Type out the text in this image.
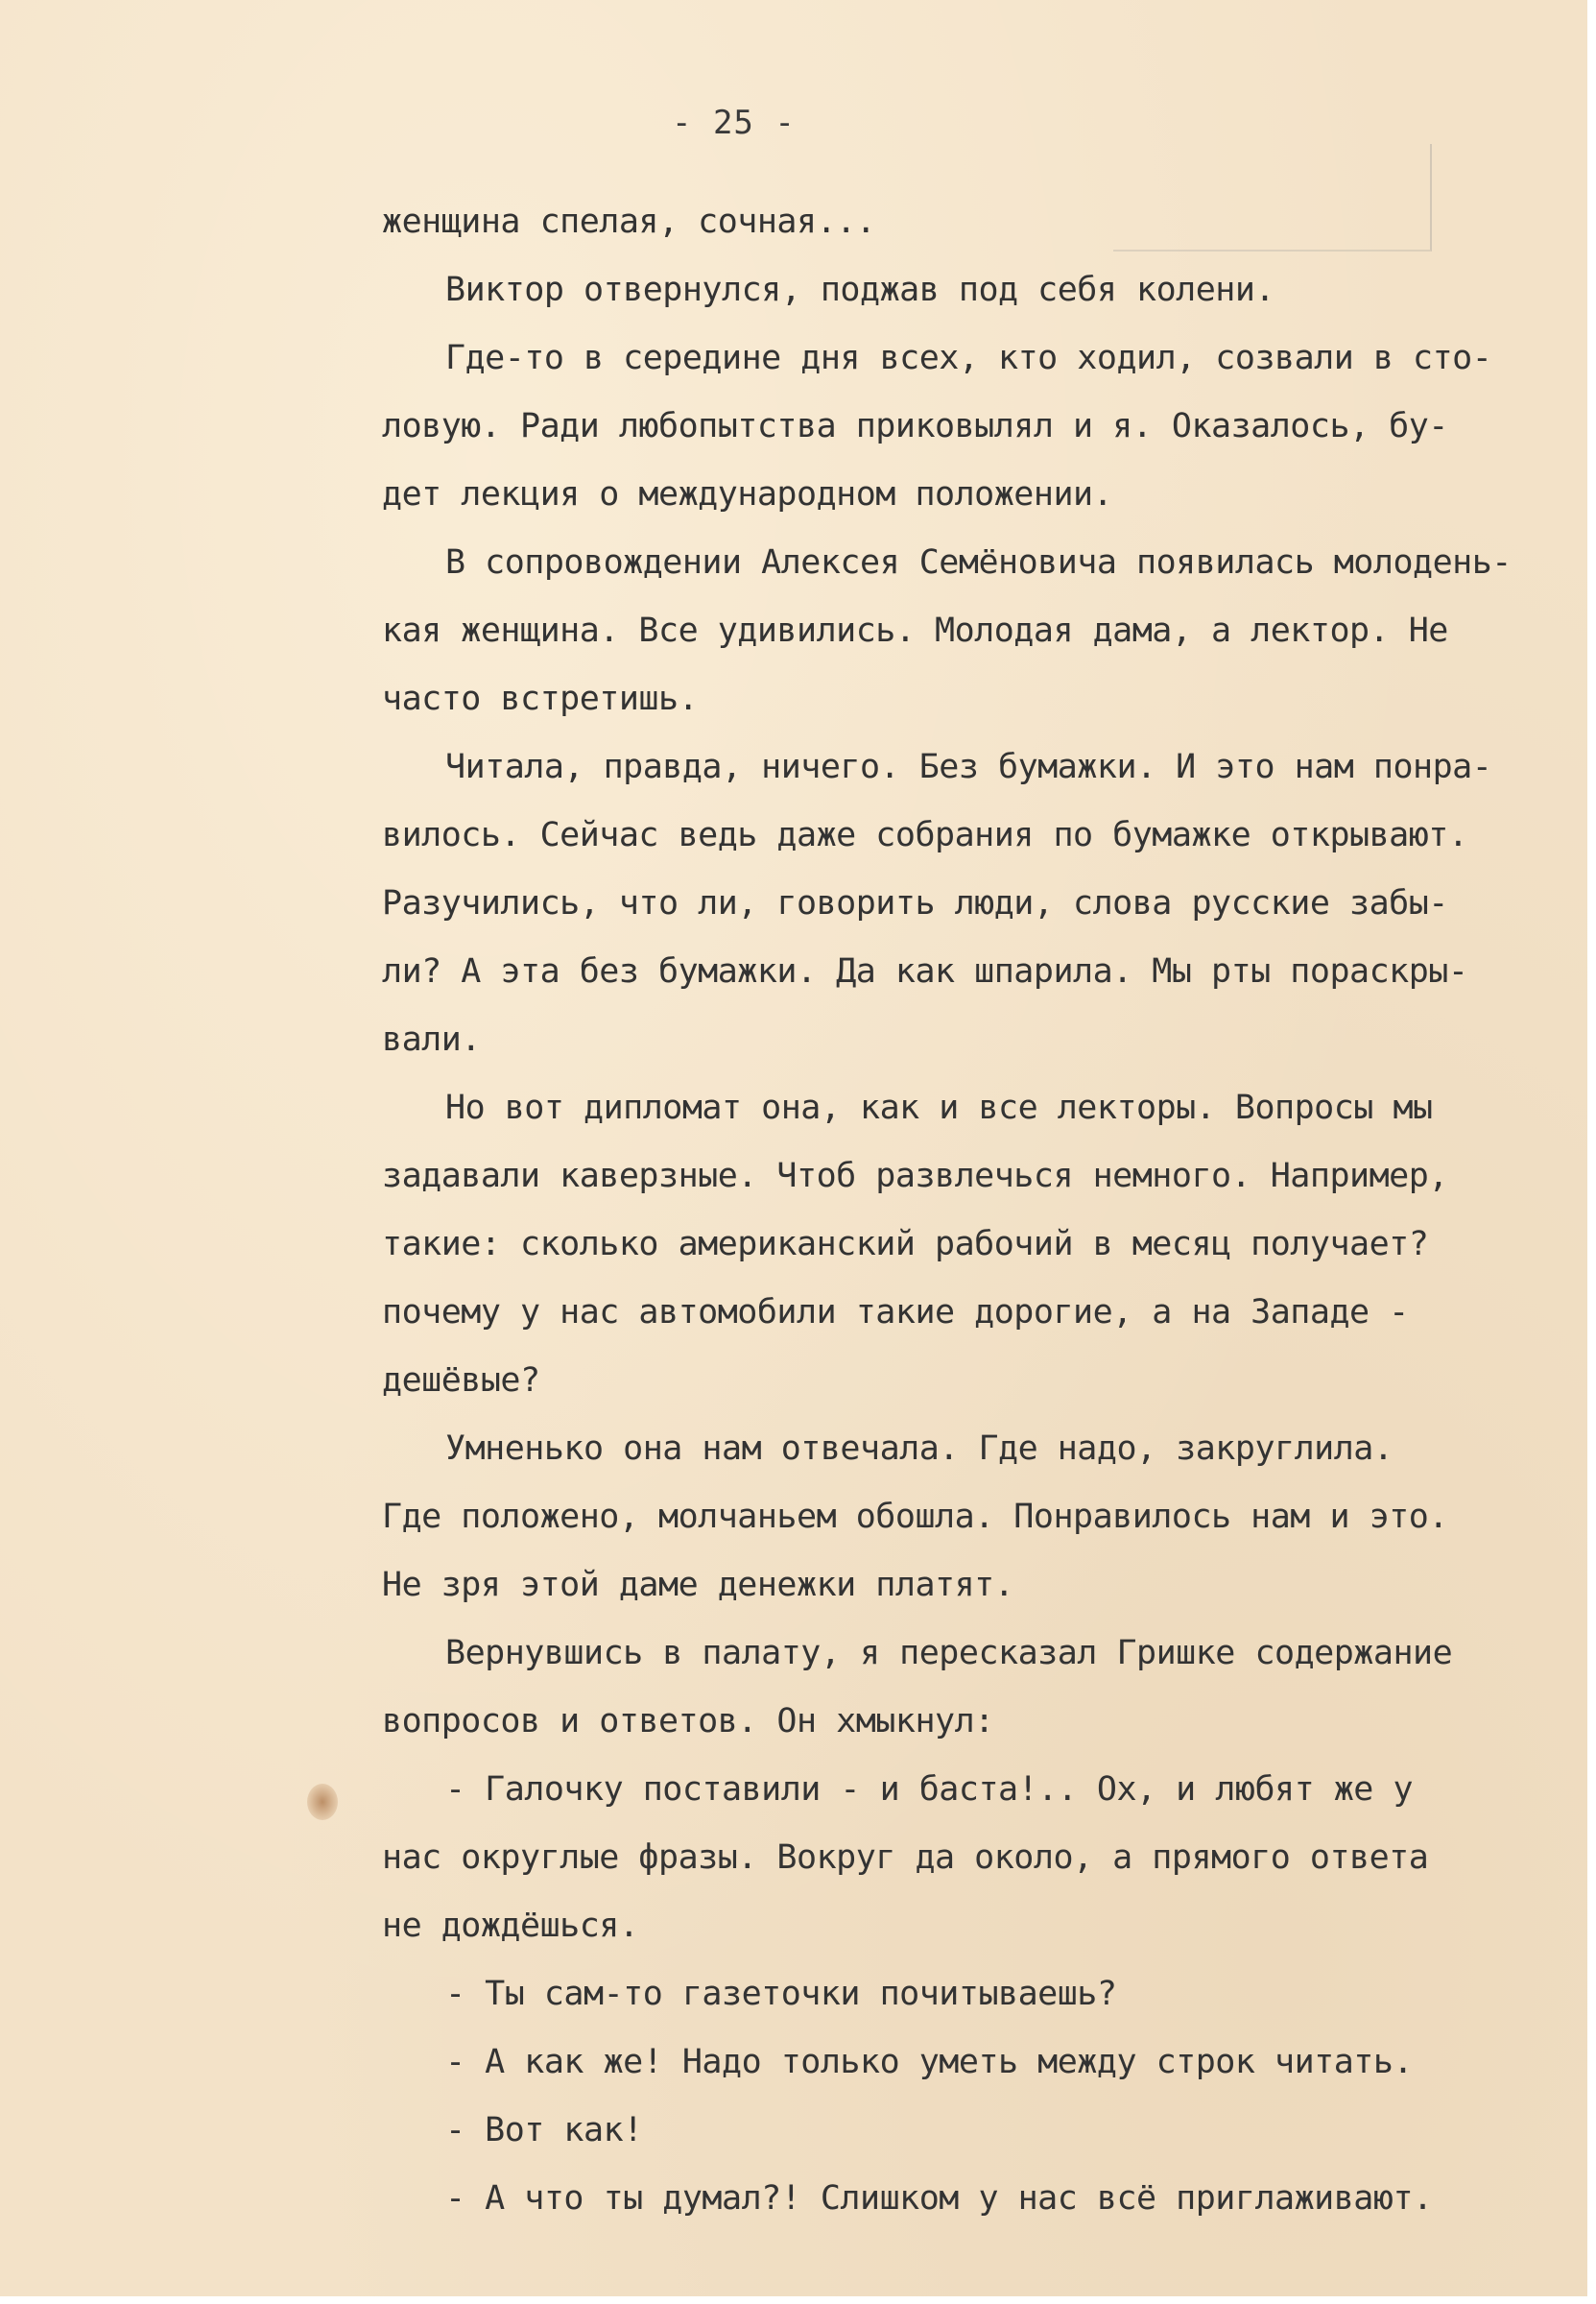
- 25 -
женщина спелая, сочная...
Виктор отвернулся, поджав под себя колени.
Где-то в середине дня всех, кто ходил, созвали в сто-
ловую. Ради любопытства приковылял и я. Оказалось, бу-
дет лекция о международном положении.
В сопровождении Алексея Семёновича появилась молодень-
кая женщина. Все удивились. Молодая дама, а лектор. Не
часто встретишь.
Читала, правда, ничего. Без бумажки. И это нам понра-
вилось. Сейчас ведь даже собрания по бумажке открывают.
Разучились, что ли, говорить люди, слова русские забы-
ли? А эта без бумажки. Да как шпарила. Мы рты пораскры-
вали.
Но вот дипломат она, как и все лекторы. Вопросы мы
задавали каверзные. Чтоб развлечься немного. Например,
такие: сколько американский рабочий в месяц получает?
почему у нас автомобили такие дорогие, а на Западе -
дешёвые?
Умненько она нам отвечала. Где надо, закруглила.
Где положено, молчаньем обошла. Понравилось нам и это.
Не зря этой даме денежки платят.
Вернувшись в палату, я пересказал Гришке содержание
вопросов и ответов. Он хмыкнул:
- Галочку поставили - и баста!.. Ох, и любят же у
нас округлые фразы. Вокруг да около, а прямого ответа
не дождёшься.
- Ты сам-то газеточки почитываешь?
- А как же! Надо только уметь между строк читать.
- Вот как!
- А что ты думал?! Слишком у нас всё приглаживают.
